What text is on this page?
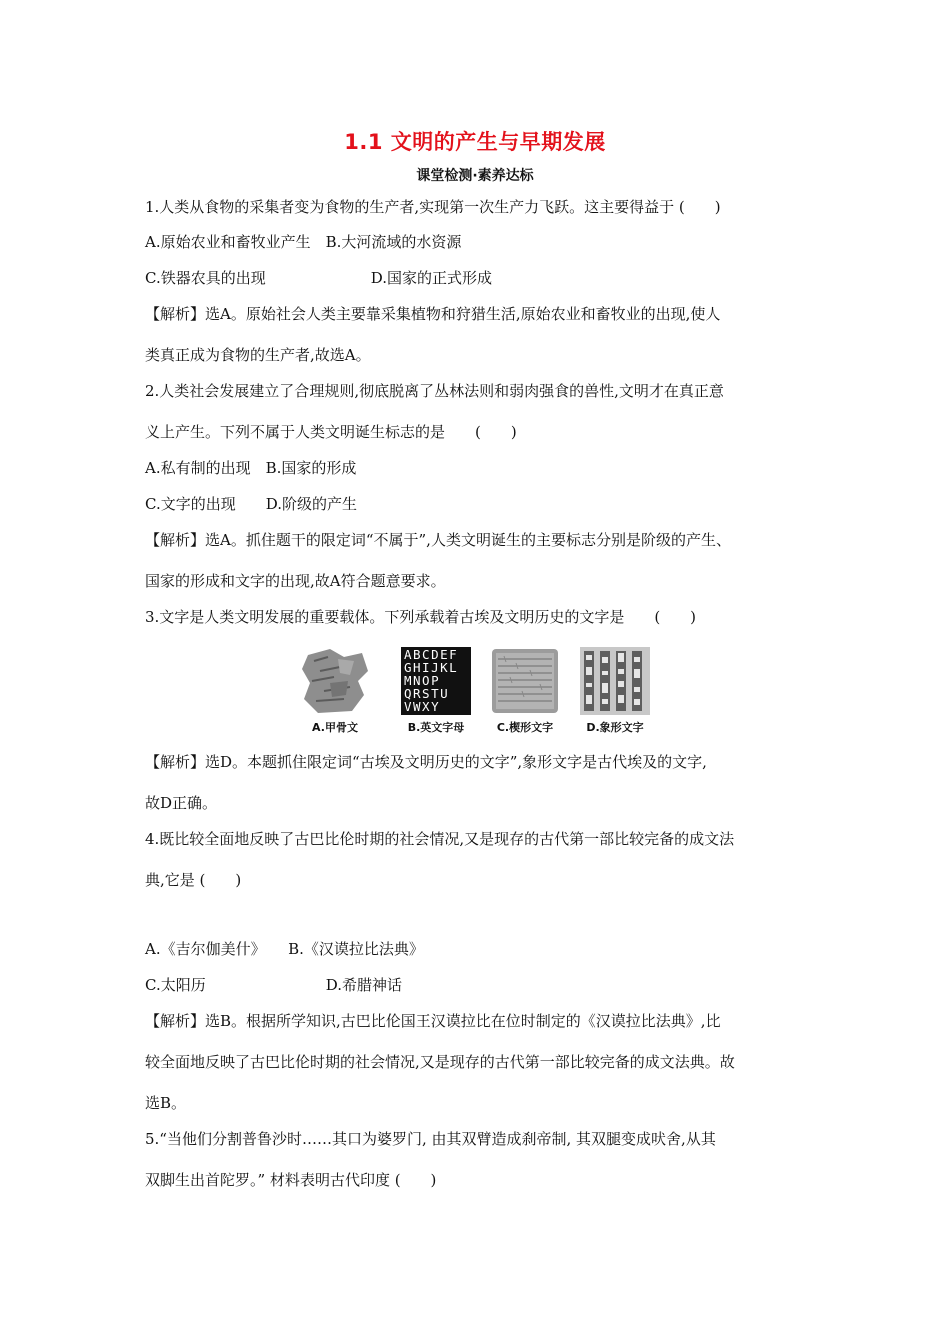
1.1 文明的产生与早期发展
课堂检测·素养达标
1.人类从食物的采集者变为食物的生产者,实现第一次生产力飞跃。这主要得益于 (　　)
A.原始农业和畜牧业产生　B.大河流域的水资源
C.铁器农具的出现　　　　　　　D.国家的正式形成
【解析】选A。原始社会人类主要靠采集植物和狩猎生活,原始农业和畜牧业的出现,使人
类真正成为食物的生产者,故选A。
2.人类社会发展建立了合理规则,彻底脱离了丛林法则和弱肉强食的兽性,文明才在真正意
义上产生。下列不属于人类文明诞生标志的是　　(　　)
A.私有制的出现　B.国家的形成
C.文字的出现　　D.阶级的产生
【解析】选A。抓住题干的限定词“不属于”,人类文明诞生的主要标志分别是阶级的产生、
国家的形成和文字的出现,故A符合题意要求。
3.文字是人类文明发展的重要载体。下列承载着古埃及文明历史的文字是　　(　　)
ABCDEF
GHIJKL
MNOP
QRSTU
VWXY
Z
A.甲骨文	B.英文字母	C.楔形文字	D.象形文字
【解析】选D。本题抓住限定词“古埃及文明历史的文字”,象形文字是古代埃及的文字,
故D正确。
4.既比较全面地反映了古巴比伦时期的社会情况,又是现存的古代第一部比较完备的成文法
典,它是 (　　)
A.《吉尔伽美什》　　B.《汉谟拉比法典》
C.太阳历　　　　　　　　D.希腊神话
【解析】选B。根据所学知识,古巴比伦国王汉谟拉比在位时制定的《汉谟拉比法典》,比
较全面地反映了古巴比伦时期的社会情况,又是现存的古代第一部比较完备的成文法典。故
选B。
5.“当他们分割普鲁沙时……其口为婆罗门, 由其双臂造成刹帝制, 其双腿变成吠舍,从其
双脚生出首陀罗。” 材料表明古代印度 (　　)
